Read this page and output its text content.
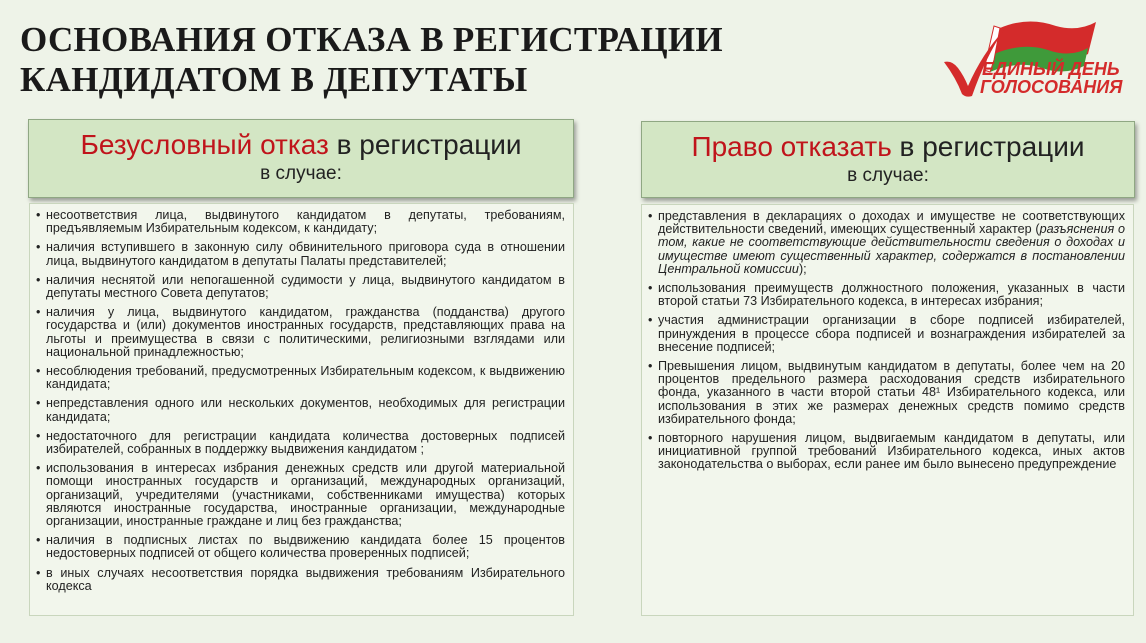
ОСНОВАНИЯ ОТКАЗА В РЕГИСТРАЦИИ
КАНДИДАТОМ В ДЕПУТАТЫ	ЕДИНЫЙ ДЕНЬ
ГОЛОСОВАНИЯ
Безусловный отказ в регистрации
в случае:
• несоответствия лица, выдвинутого кандидатом в депутаты, требованиям, предъявляемым Избирательным кодексом, к кандидату;
• наличия вступившего в законную силу обвинительного приговора суда в отношении лица, выдвинутого кандидатом в депутаты Палаты представителей;
• наличия неснятой или непогашенной судимости у лица, выдвинутого кандидатом в депутаты местного Совета депутатов;
• наличия у лица, выдвинутого кандидатом, гражданства (подданства) другого государства и (или) документов иностранных государств, представляющих права на льготы и преимущества в связи с политическими, религиозными взглядами или национальной принадлежностью;
• несоблюдения требований, предусмотренных Избирательным кодексом, к выдвижению кандидата;
• непредставления одного или нескольких документов, необходимых для регистрации кандидата;
• недостаточного для регистрации кандидата количества достоверных подписей избирателей, собранных в поддержку выдвижения кандидатом ;
• использования в интересах избрания денежных средств или другой материальной помощи иностранных государств и организаций, международных организаций, организаций, учредителями (участниками, собственниками имущества) которых являются иностранные государства, иностранные организации, международные организации, иностранные граждане и лиц без гражданства;
• наличия в подписных листах по выдвижению кандидата более 15 процентов недостоверных подписей от общего количества проверенных подписей;
• в иных случаях несоответствия порядка выдвижения требованиям Избирательного кодекса
Право отказать в регистрации
в случае:
• представления в декларациях о доходах и имуществе не соответствующих действительности сведений, имеющих существенный характер (разъяснения о том, какие не соответствующие действительности сведения о доходах и имуществе имеют существенный характер, содержатся в постановлении Центральной комиссии);
• использования преимуществ должностного положения, указанных в части второй статьи 73 Избирательного кодекса, в интересах избрания;
• участия администрации организации в сборе подписей избирателей, принуждения в процессе сбора подписей и вознаграждения избирателей за внесение подписей;
• Превышения лицом, выдвинутым кандидатом в депутаты, более чем на 20 процентов предельного размера расходования средств избирательного фонда, указанного в части второй статьи 48¹ Избирательного кодекса, или использования в этих же размерах денежных средств помимо средств избирательного фонда;
• повторного нарушения лицом, выдвигаемым кандидатом в депутаты, или инициативной группой требований Избирательного кодекса, иных актов законодательства о выборах, если ранее им было вынесено предупреждение
